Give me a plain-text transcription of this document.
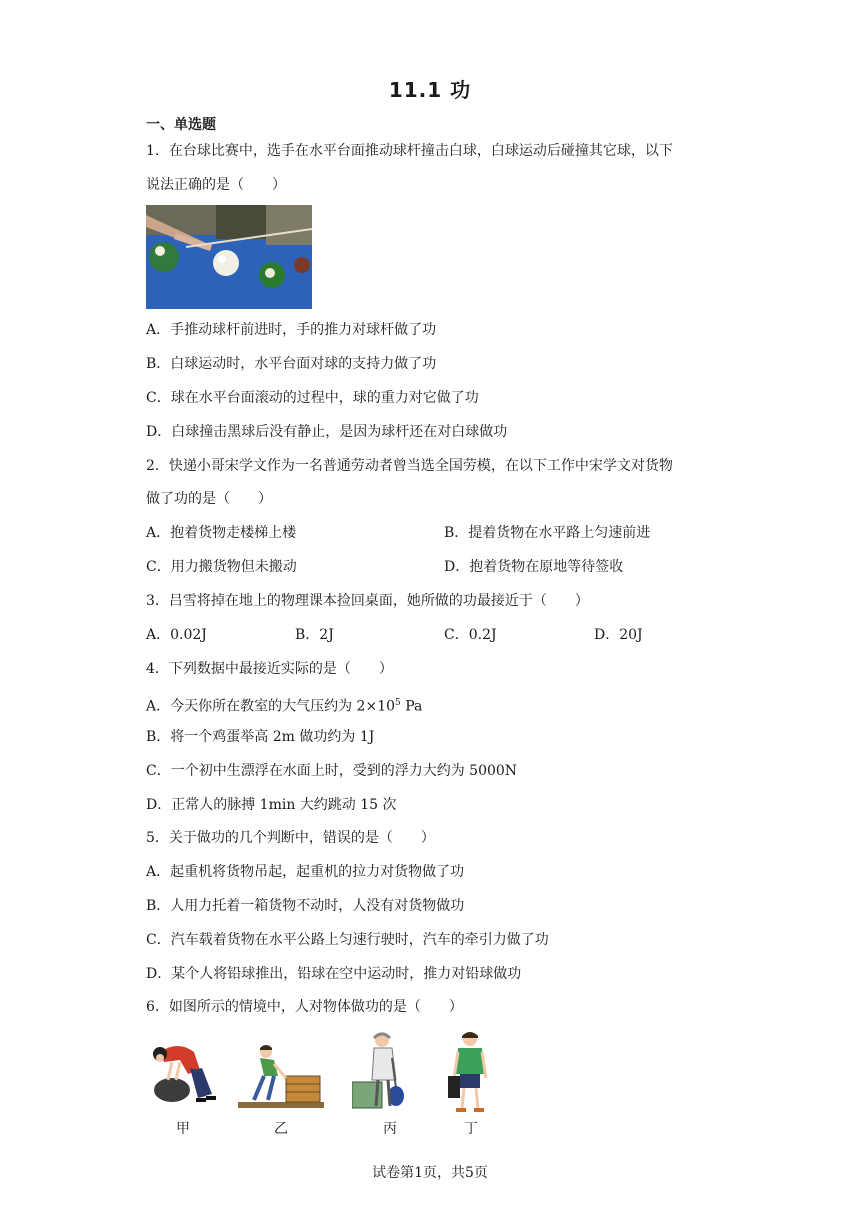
11.1 功
一、单选题
1．在台球比赛中，选手在水平台面推动球杆撞击白球，白球运动后碰撞其它球，以下
说法正确的是（　　）
A．手推动球杆前进时，手的推力对球杆做了功
B．白球运动时，水平台面对球的支持力做了功
C．球在水平台面滚动的过程中，球的重力对它做了功
D．白球撞击黑球后没有静止，是因为球杆还在对白球做功
2．快递小哥宋学文作为一名普通劳动者曾当选全国劳模，在以下工作中宋学文对货物
做了功的是（　　）
A．抱着货物走楼梯上楼	B．提着货物在水平路上匀速前进
C．用力搬货物但未搬动	D．抱着货物在原地等待签收
3．吕雪将掉在地上的物理课本捡回桌面，她所做的功最接近于（　　）
A．0.02J	B．2J	C．0.2J	D．20J
4．下列数据中最接近实际的是（　　）
A．今天你所在教室的大气压约为 $2\times 10^5$ Pa
B．将一个鸡蛋举高 2m 做功约为 1J
C．一个初中生漂浮在水面上时，受到的浮力大约为 5000N
D．正常人的脉搏 1min 大约跳动 15 次
5．关于做功的几个判断中，错误的是（　　）
A．起重机将货物吊起，起重机的拉力对货物做了功
B．人用力托着一箱货物不动时，人没有对货物做功
C．汽车载着货物在水平公路上匀速行驶时，汽车的牵引力做了功
D．某个人将铅球推出，铅球在空中运动时，推力对铅球做功
6．如图所示的情境中，人对物体做功的是（　　）
甲	乙	丙	丁
试卷第1页，共5页
